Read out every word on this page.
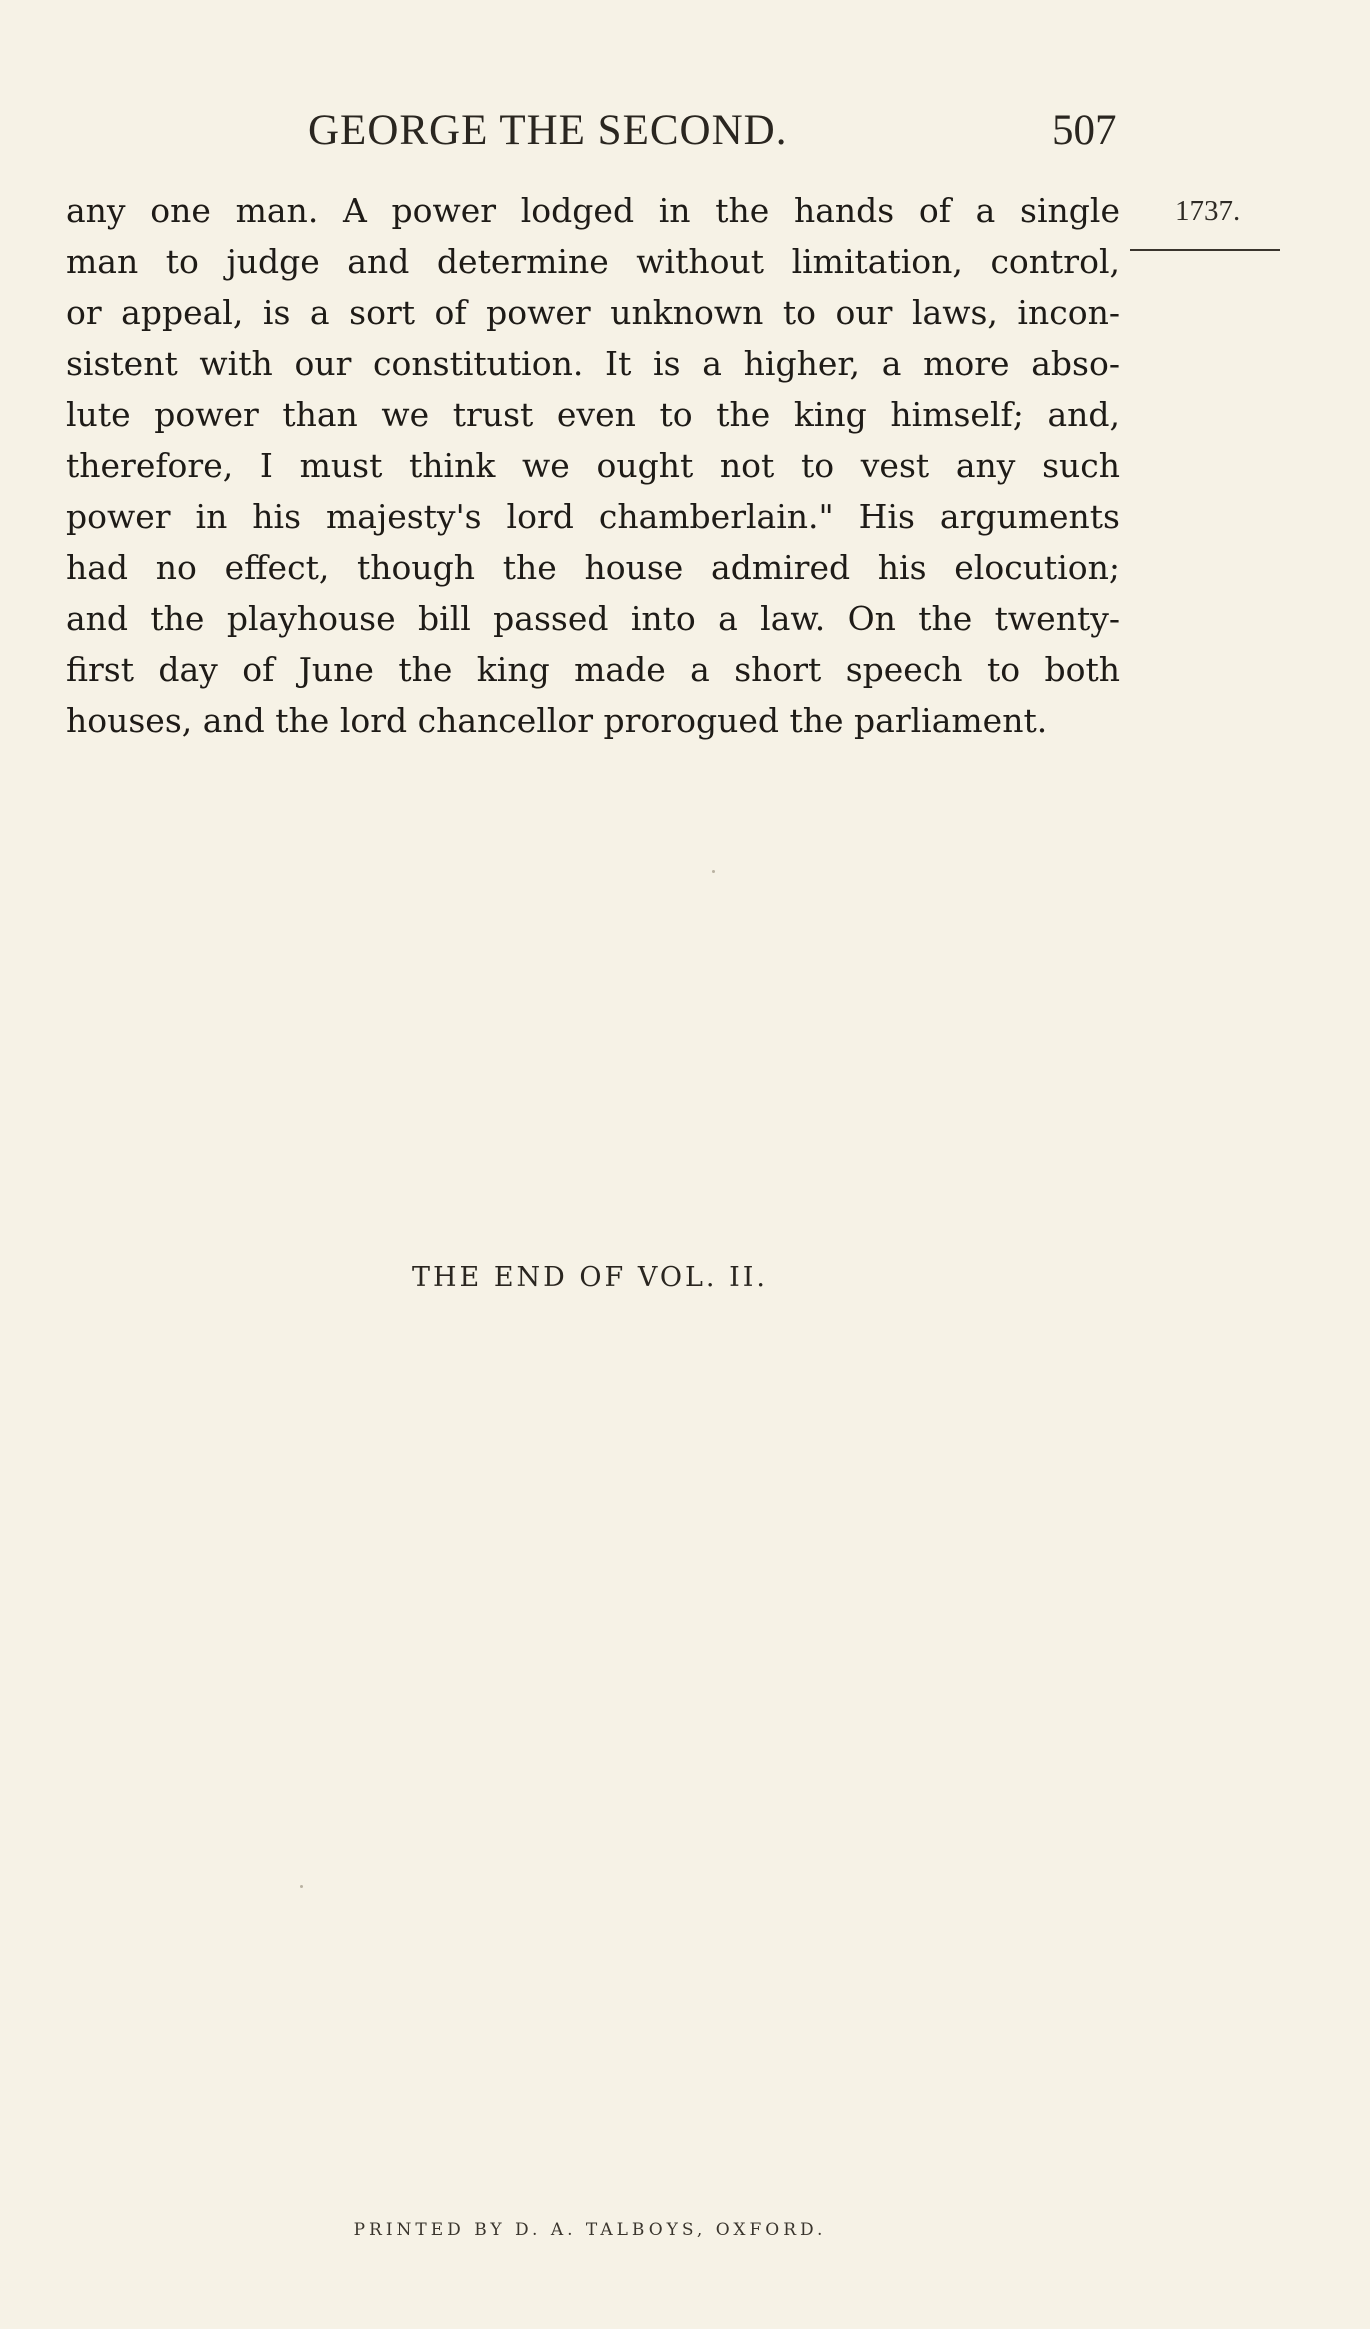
GEORGE THE SECOND.	507
1737.
any one man. A power lodged in the hands of a single
man to judge and determine without limitation, control,
or appeal, is a sort of power unknown to our laws, incon-
sistent with our constitution. It is a higher, a more abso-
lute power than we trust even to the king himself; and,
therefore, I must think we ought not to vest any such
power in his majesty's lord chamberlain." His arguments
had no effect, though the house admired his elocution;
and the playhouse bill passed into a law. On the twenty-
first day of June the king made a short speech to both
houses, and the lord chancellor prorogued the parliament.
THE END OF VOL. II.
PRINTED BY D. A. TALBOYS, OXFORD.
